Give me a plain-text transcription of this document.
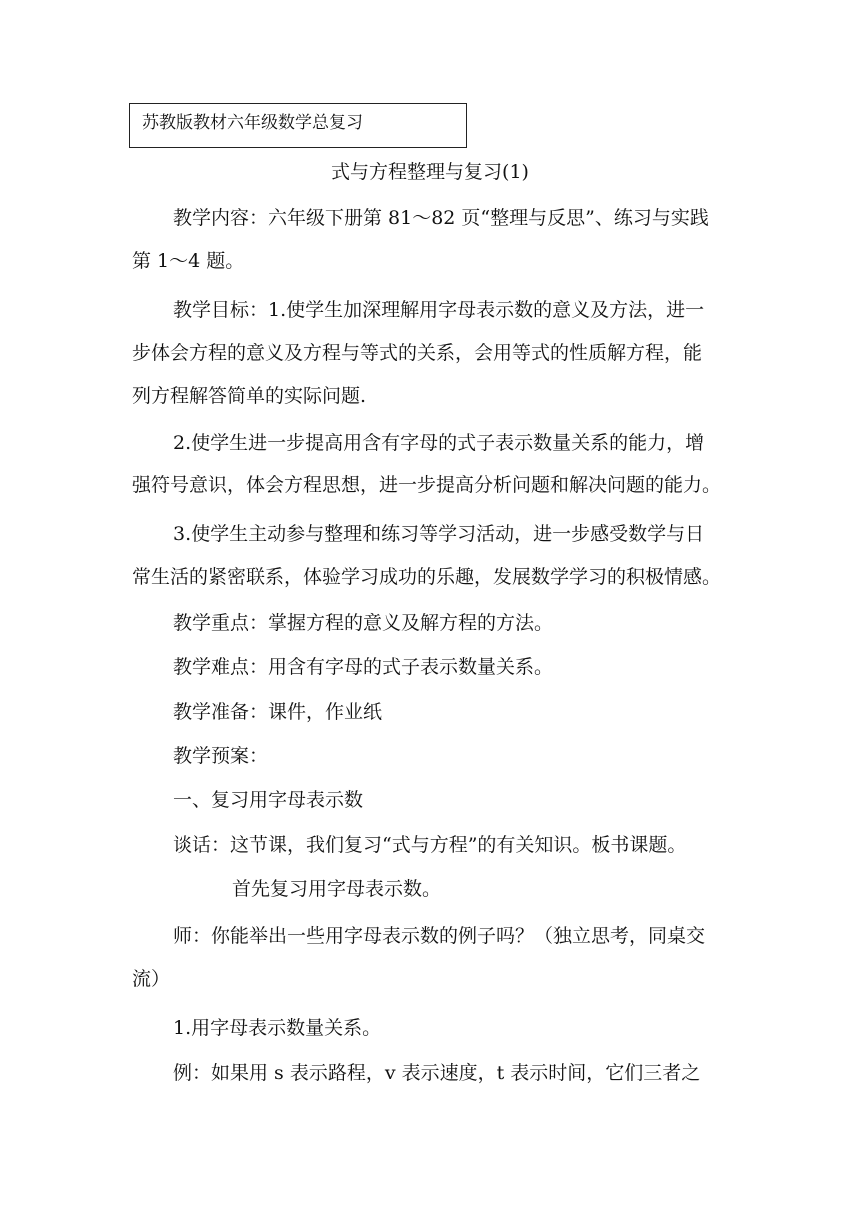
苏教版教材六年级数学总复习
式与方程整理与复习(1)
教学内容：六年级下册第 81～82 页“整理与反思”、练习与实践
第 1～4 题。
教学目标：1.使学生加深理解用字母表示数的意义及方法，进一
步体会方程的意义及方程与等式的关系，会用等式的性质解方程，能
列方程解答简单的实际问题.
2.使学生进一步提高用含有字母的式子表示数量关系的能力，增
强符号意识，体会方程思想，进一步提高分析问题和解决问题的能力。
3.使学生主动参与整理和练习等学习活动，进一步感受数学与日
常生活的紧密联系，体验学习成功的乐趣，发展数学学习的积极情感。
教学重点：掌握方程的意义及解方程的方法。
教学难点：用含有字母的式子表示数量关系。
教学准备：课件，作业纸
教学预案：
一、复习用字母表示数
谈话：这节课，我们复习“式与方程”的有关知识。板书课题。
首先复习用字母表示数。
师：你能举出一些用字母表示数的例子吗？（独立思考，同桌交
流）
1.用字母表示数量关系。
例：如果用 s 表示路程，v 表示速度，t 表示时间，它们三者之
